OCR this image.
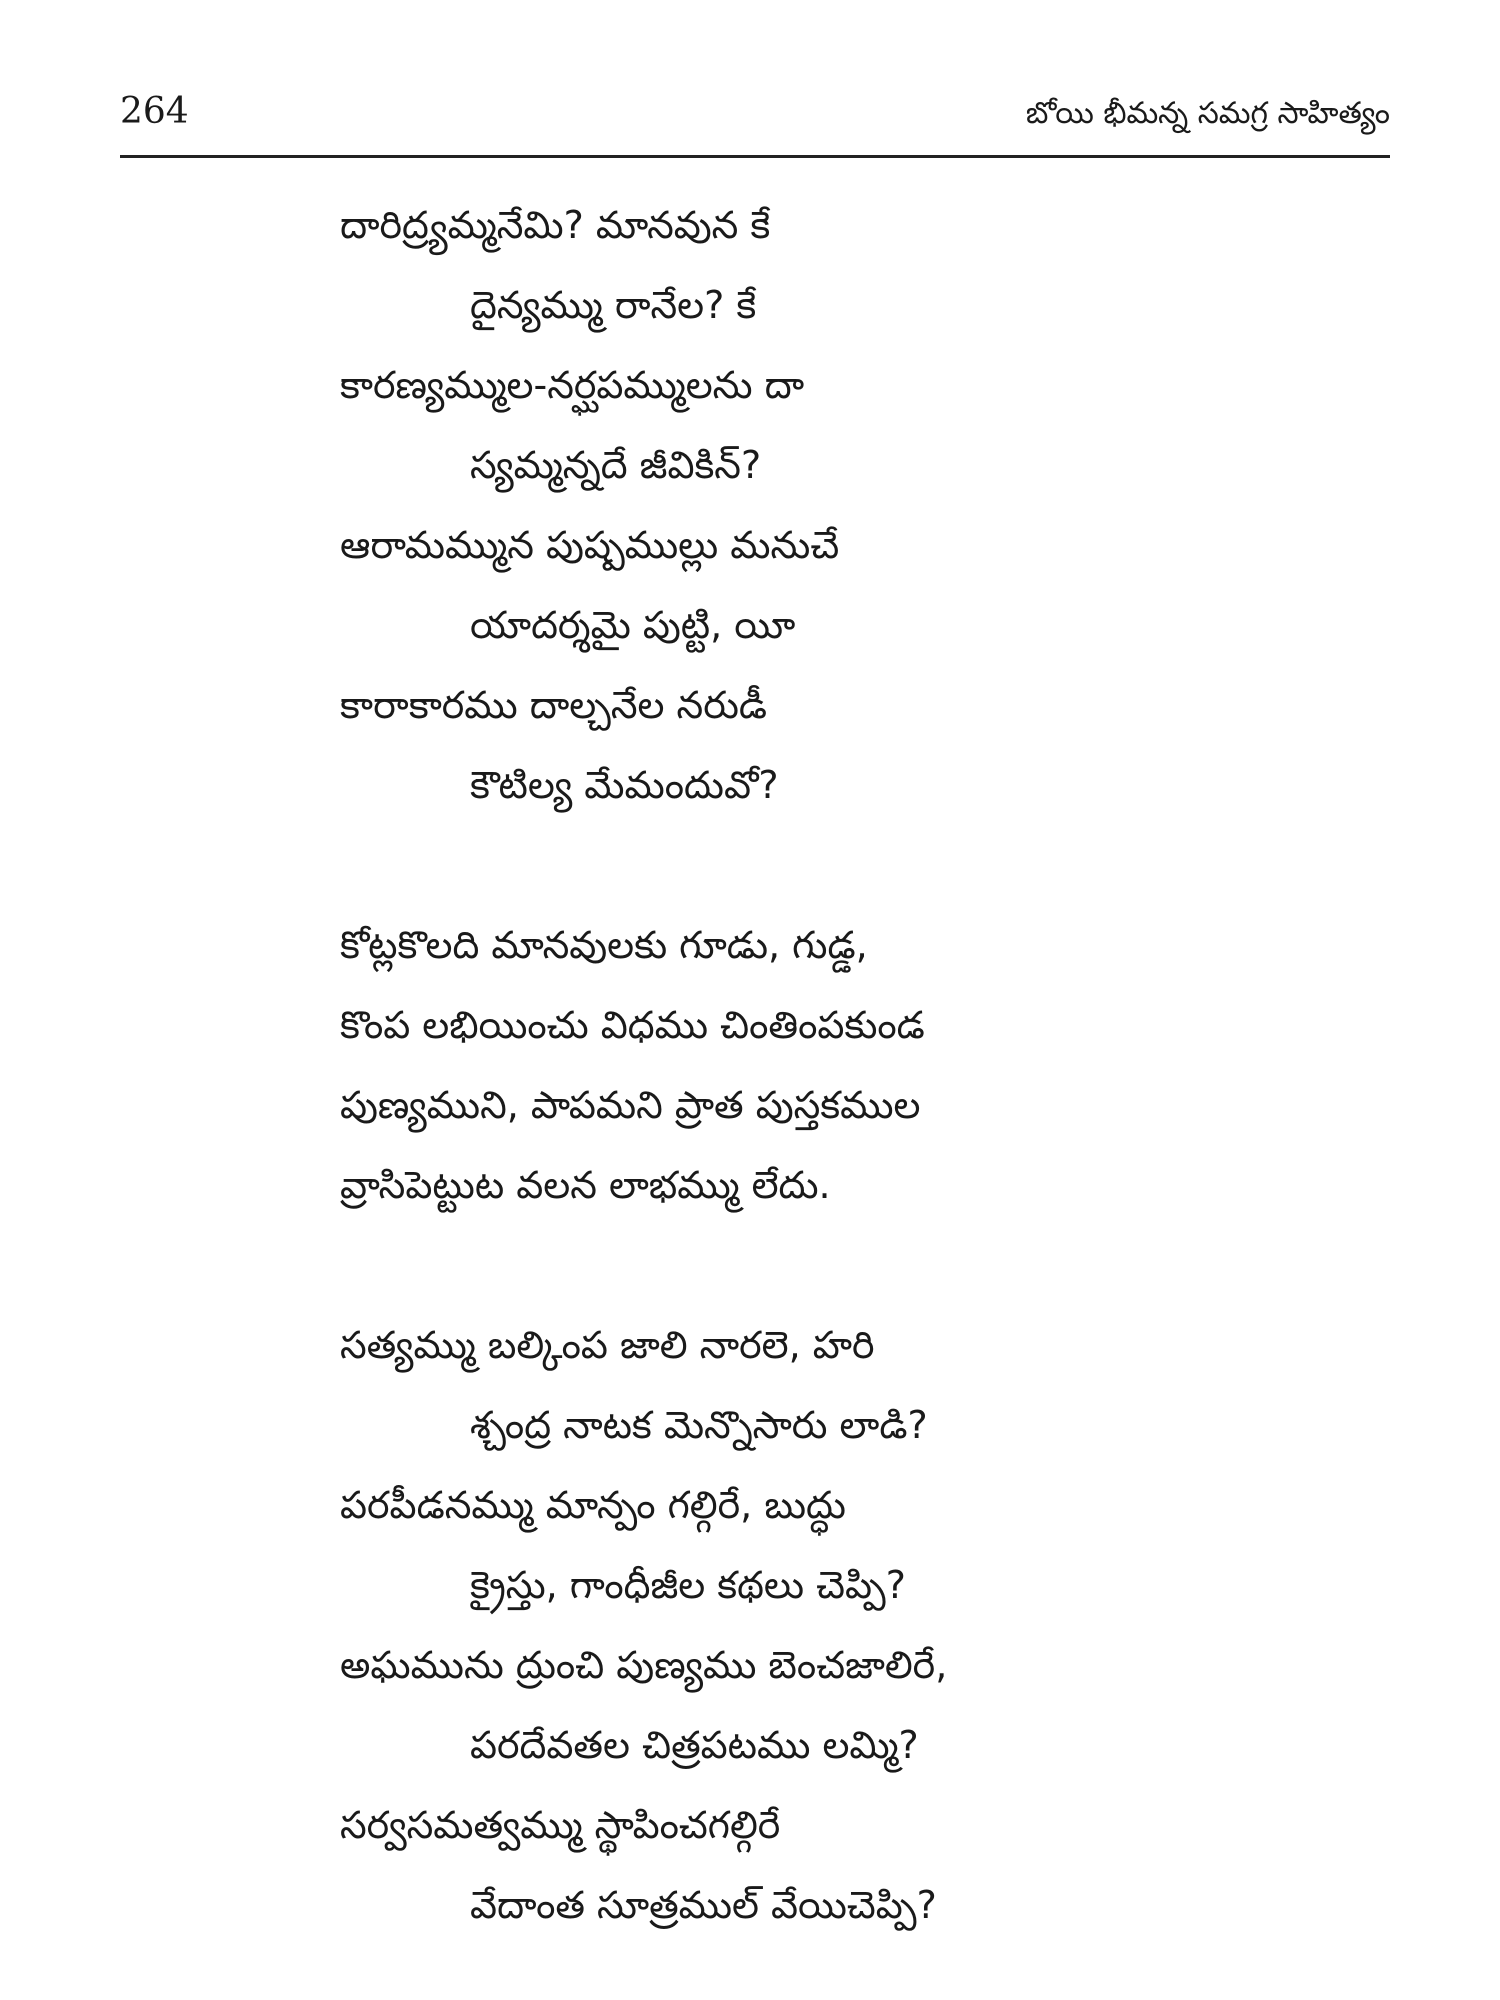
264	బోయి భీమన్న సమగ్ర సాహిత్యం
దారిద్ర్యమ్మనేమి? మానవున కే
దైన్యమ్ము రానేల? కే
కారణ్యమ్ముల-నర్ఘపమ్ములను దా
స్యమ్మన్నదే జీవికిన్?
ఆరామమ్మున పుష్పముల్లు మనుచే
యాదర్శమై పుట్టి, యీ
కారాకారము దాల్చనేల నరుడీ
కౌటిల్య మేమందువో?
కోట్లకొలది మానవులకు గూడు, గుడ్డ,
కొంప లభియించు విధము చింతింపకుండ
పుణ్యముని, పాపమని ప్రాత పుస్తకముల
వ్రాసిపెట్టుట వలన లాభమ్ము లేదు.
సత్యమ్ము బల్కింప జాలి నారలె, హరి
శ్చంద్ర నాటక మెన్నొసారు లాడి?
పరపీడనమ్ము మాన్పం గల్గిరే, బుద్ధు
క్రైస్తు, గాంధీజీల కథలు చెప్పి?
అఘమును ద్రుంచి పుణ్యము బెంచజాలిరే,
పరదేవతల చిత్రపటము లమ్మి?
సర్వసమత్వమ్ము స్థాపించగల్గిరే
వేదాంత సూత్రముల్ వేయిచెప్పి?
